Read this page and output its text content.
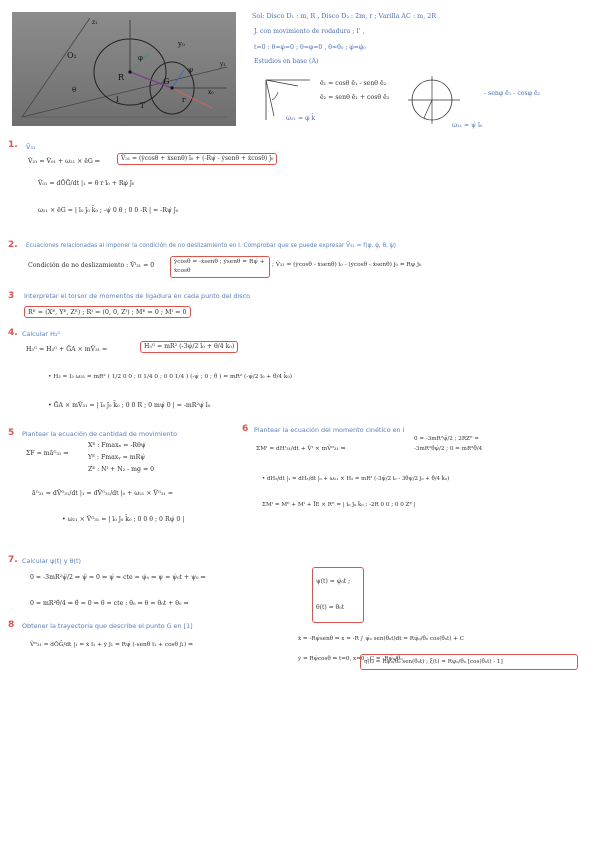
O₁
y₀
z₁
G
R
T
I	r
x₀
y₁
θ
φ
ψ
Sol: Disco D₁ : m, R , Disco D₂ : 2m, r ; Varilla AC : m, 2R
J. con movimiento de rodadura ; I' ,
t=0 : θ̇=φ̇=0 ; θ=φ=0 , θ̇=θ̇₀ ; φ̇=φ̇₀
Estudios en base (A)
ë₁ = cosθ ē₁ - senθ ē₂
ë₂ = senθ ē₁ + cosθ ē₂
ω₂₁ = φ̇ k̄
- senφ ē₁ - cosφ ē₂
ω₃₁ = ψ̇ ī₀
1. Ṽ₃₁
Ṽ₃₁ = Ṽ₀₁ + ω₂₁ × ēG ⇒	Ṽ₃₁ = (ẏcosθ + ẋsenθ) ī₀ + (-Rψ̇ - ẏsenθ + ẋcosθ) j̄₀
Ṽ₀₁ = dŌḠ/dt |₁ = θ̇ r ī₀ + Rφ̇ j̄₀
ω₂₁ × ēG = | ī₀ j̄₀ k̄₀ ; -ψ̇ 0 θ̇ ; 0 0 -R | = -Rψ̇ j̄₀
2. Ecuaciones relacionadas al imponer la condición de no deslizamiento en I. Comprobar que se puede expresar Ṽ₃₁ = f(ψ, φ̇, θ, ψ̇)
Condición de no deslizamiento : Ṽᴵ₃₁ = 0	ẏcosθ = -ẋsenθ ; ẏsenθ = Rψ̇ + ẋcosθ
; Ṽ₃₁ = (ẏcosθ - ẋsenθ) ī₀ - (ẏcosθ - ẋsenθ) j̄₀ = Rψ̇ j̄₀
3 Interpretar el torsor de momentos de ligadura en cada punto del disco
Rᴱ = (Xᴱ, Yᴱ, Zᴱ) ; Rᴵ = (0, 0, Zᴵ) ; Mᴱ = 0 ; Mᴵ = 0
4. Calcular H₃ᴳ
H₃ᴳ = H₃ᴳ + ḠA × mṼ₃₁ =	H₃ᴳ = mR² (-3ψ̇/2 ī₀ + θ̇/4 k̄₀)
• H₃ = I₃ ω₃₁ = mR² ( 1/2 0 0 ; 0 1/4 0 ; 0 0 1/4 ) (-ψ̇ ; 0 ; θ̇ ) = mR² (-ψ̇/2 ī₀ + θ̇/4 k̄₀)
• ḠA × mṼ₃₁ = | ī₀ j̄₀ k̄₀ ; 0 0 R ; 0 mψ̇ 0 | = -mR²ψ̇ ī₀
5 Plantear la ecuación de cantidad de movimiento
ΣF = mãᴳ₃₁ ⇒
Xᴱ : Fmaxₓ = -Rθψ̇
Yᴱ : Fmaxᵧ = mRψ̇
Zᴱ : Nᴵ + N₂ - mg = 0
ãᴳ₃₁ = dṼᴳ₃₁/dt |₁ = dṼᴳ₃₁/dt |₀ + ω₂₁ × Ṽᴳ₃₁ =
• ω₂₁ × Ṽᴳ₃₁ = | ī₀ j̄₀ k̄₀ ; 0 0 θ̇ ; 0 Rψ̇ 0 |
6 Plantear la ecuación del momento cinético en I
ΣMᴵ = dHᴵ₃₁/dt + Ṽᴵ × mṼᴳ₃₁ ⇒
0 = -3mR²ψ̈/2 ; 2RZᴱ = -3mR²θ̇ψ̇/2 ; 0 = mR²θ̈/4
• dH₃/dt |₁ = dH₃/dt |₀ + ω₂₁ × H₃ = mR² (-3ψ̈/2 ī₀ - 3θ̇ψ̇/2 j̄₀ + θ̈/4 k̄₀)
ΣMᴵ = Mᴱ + Mᴵ + ĪE × Rᴱ = | ī₀ j̄₀ k̄₀ ; -2R 0 0 ; 0 0 Zᴱ |
7. Calcular ψ(t) y θ(t)
0 = -3mR²ψ̈/2 ⇒ ψ̈ = 0 ⇒ ψ̇ = cte = ψ̇₀ ⇒ ψ = ψ̇₀t + ψ₀ ⇒
0 = mR²θ̈/4 ⇒ θ̈ = 0 ⇒ θ̇ = cte : θ̇₀ ⇒ θ = θ̇₀t + θ₀ ⇒
ψ(t) = ψ̇₀t ; θ(t) = θ̇₀t
8 Obtener la trayectoria que describe el punto G en [1]
Ṽᴳ₃₁ = dŌḠ/dt |₁ = ẋ ī₁ + ẏ j̄₁ = Rψ̇ (-senθ ī₁ + cosθ j̄₁) ⇒
ẋ = -Rψ̇senθ ⇒ x = -R ∫ ψ̇₀ sen(θ̇₀t)dt = Rψ̇₀/θ̇₀ cos(θ̇₀t) + C
ẏ = Rψ̇cosθ ⇒ t=0, x=0 ; C = -Rψ̇₀/θ̇₀
η(t) = Rψ̇₀/θ̇₀ sen(θ̇₀t) ; ξ(t) = Rψ̇₀/θ̇₀ [cos(θ̇₀t) - 1]
